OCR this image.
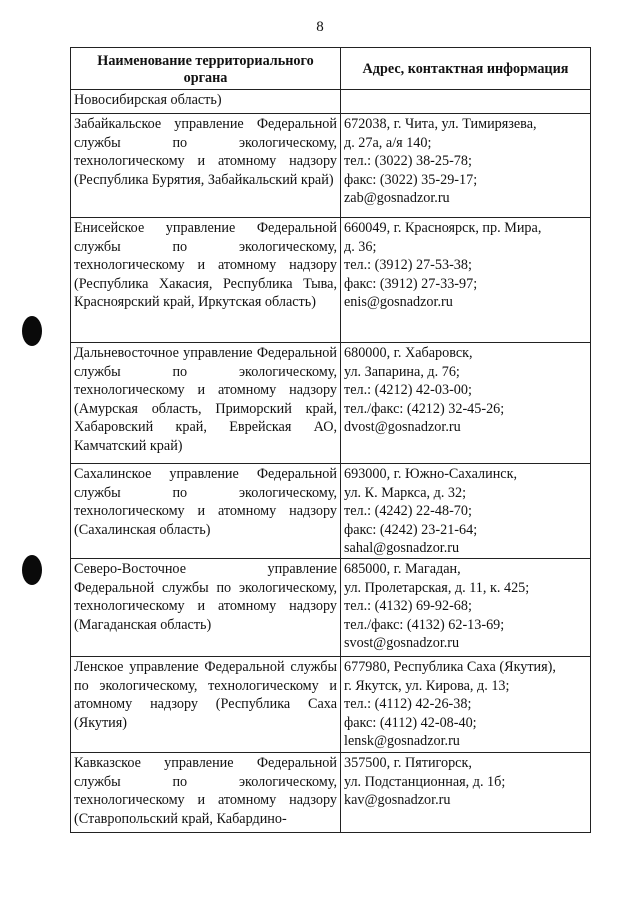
8
Наименование территориального органа	Адрес, контактная информация
Новосибирская область)	
Забайкальское управление Федеральной службы по экологическому, технологическому и атомному надзору (Республика Бурятия, Забайкальский край)	672038, г. Чита, ул. Тимирязева,
д. 27а, а/я 140;
тел.: (3022) 38-25-78;
факс: (3022) 35-29-17;
zab@gosnadzor.ru

Енисейское управление Федеральной службы по экологическому, технологическому и атомному надзору (Республика Хакасия, Республика Тыва, Красноярский край, Иркутская область)	660049, г. Красноярск, пр. Мира,
д. 36;
тел.: (3912) 27-53-38;
факс: (3912) 27-33-97;
enis@gosnadzor.ru

Дальневосточное управление Федеральной службы по экологическому, технологическому и атомному надзору (Амурская область, Приморский край, Хабаровский край, Еврейская АО, Камчатский край)	680000, г. Хабаровск,
ул. Запарина, д. 76;
тел.: (4212) 42-03-00;
тел./факс: (4212) 32-45-26;
dvost@gosnadzor.ru

Сахалинское управление Федеральной службы по экологическому, технологическому и атомному надзору (Сахалинская область)	693000, г. Южно-Сахалинск,
ул. К. Маркса, д. 32;
тел.: (4242) 22-48-70;
факс: (4242) 23-21-64;
sahal@gosnadzor.ru

Северо-Восточное управление Федеральной службы по экологическому, технологическому и атомному надзору (Магаданская область)	685000, г. Магадан,
ул. Пролетарская, д. 11, к. 425;
тел.: (4132) 69-92-68;
тел./факс: (4132) 62-13-69;
svost@gosnadzor.ru

Ленское управление Федеральной службы по экологическому, технологическому и атомному надзору (Республика Саха (Якутия)	677980, Республика Саха (Якутия),
г. Якутск, ул. Кирова, д. 13;
тел.: (4112) 42-26-38;
факс: (4112) 42-08-40;
lensk@gosnadzor.ru

Кавказское управление Федеральной службы по экологическому, технологическому и атомному надзору (Ставропольский край, Кабардино-	357500, г. Пятигорск,
ул. Подстанционная, д. 1б;
kav@gosnadzor.ru
